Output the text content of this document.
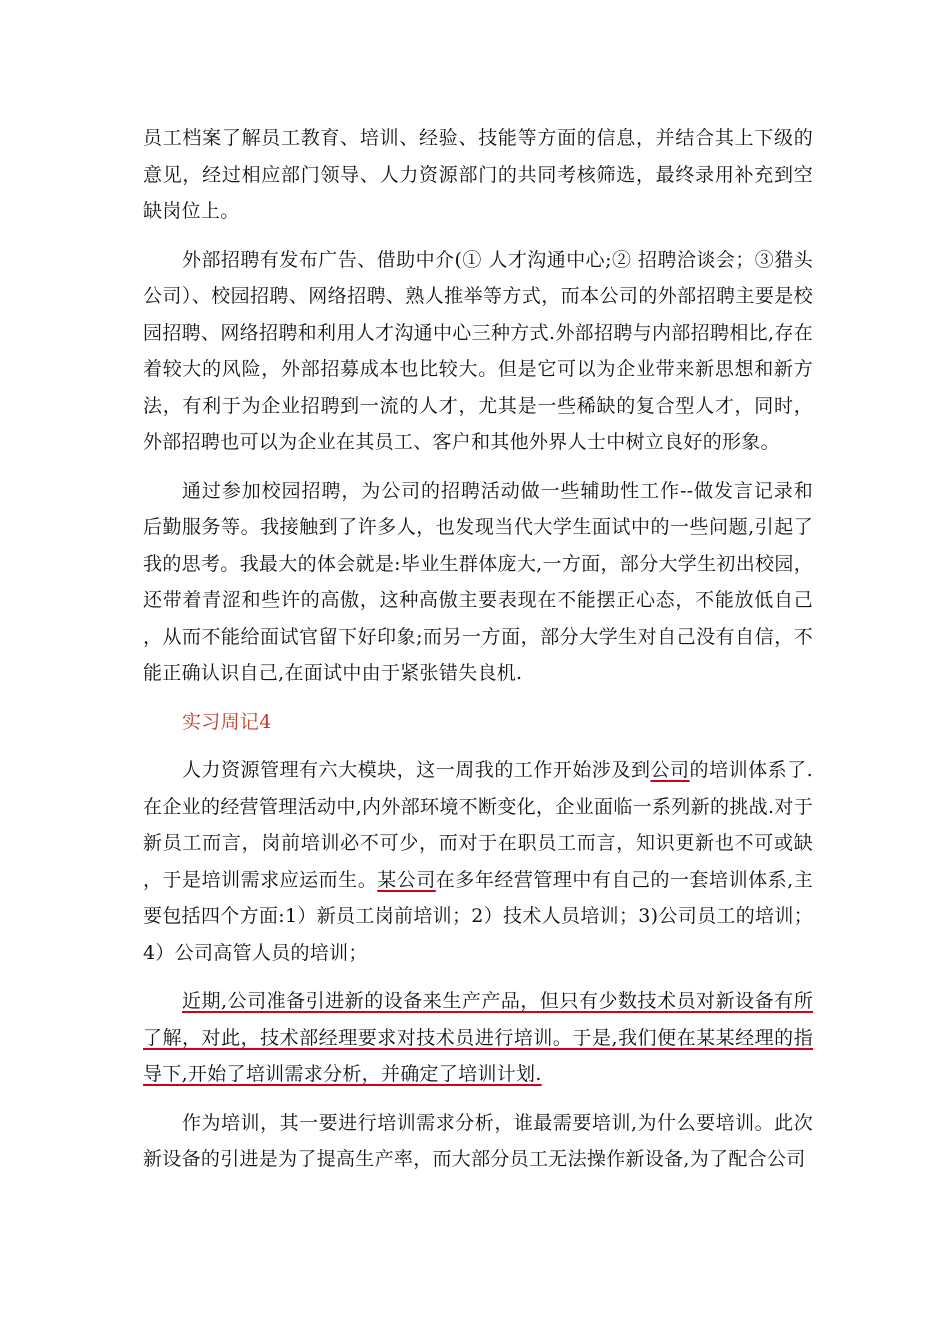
员工档案了解员工教育、培训、经验、技能等方面的信息，并结合其上下级的意见，经过相应部门领导、人力资源部门的共同考核筛选，最终录用补充到空缺岗位上。

外部招聘有发布广告、借助中介(① 人才沟通中心;② 招聘洽谈会；③猎头公司）、校园招聘、网络招聘、熟人推举等方式，而本公司的外部招聘主要是校园招聘、网络招聘和利用人才沟通中心三种方式.外部招聘与内部招聘相比,存在着较大的风险，外部招募成本也比较大。但是它可以为企业带来新思想和新方法，有利于为企业招聘到一流的人才，尤其是一些稀缺的复合型人才，同时，外部招聘也可以为企业在其员工、客户和其他外界人士中树立良好的形象。

通过参加校园招聘，为公司的招聘活动做一些辅助性工作--做发言记录和后勤服务等。我接触到了许多人，也发现当代大学生面试中的一些问题,引起了我的思考。我最大的体会就是:毕业生群体庞大,一方面，部分大学生初出校园，还带着青涩和些许的高傲，这种高傲主要表现在不能摆正心态，不能放低自己，从而不能给面试官留下好印象;而另一方面，部分大学生对自己没有自信，不能正确认识自己,在面试中由于紧张错失良机.

实习周记4

人力资源管理有六大模块，这一周我的工作开始涉及到公司的培训体系了.在企业的经营管理活动中,内外部环境不断变化，企业面临一系列新的挑战.对于新员工而言，岗前培训必不可少，而对于在职员工而言，知识更新也不可或缺，于是培训需求应运而生。某公司在多年经营管理中有自己的一套培训体系,主要包括四个方面:1）新员工岗前培训；2）技术人员培训；3)公司员工的培训；4）公司高管人员的培训；

近期,公司准备引进新的设备来生产产品，但只有少数技术员对新设备有所了解，对此，技术部经理要求对技术员进行培训。于是,我们便在某某经理的指导下,开始了培训需求分析，并确定了培训计划.

作为培训，其一要进行培训需求分析，谁最需要培训,为什么要培训。此次新设备的引进是为了提高生产率，而大部分员工无法操作新设备,为了配合公司
